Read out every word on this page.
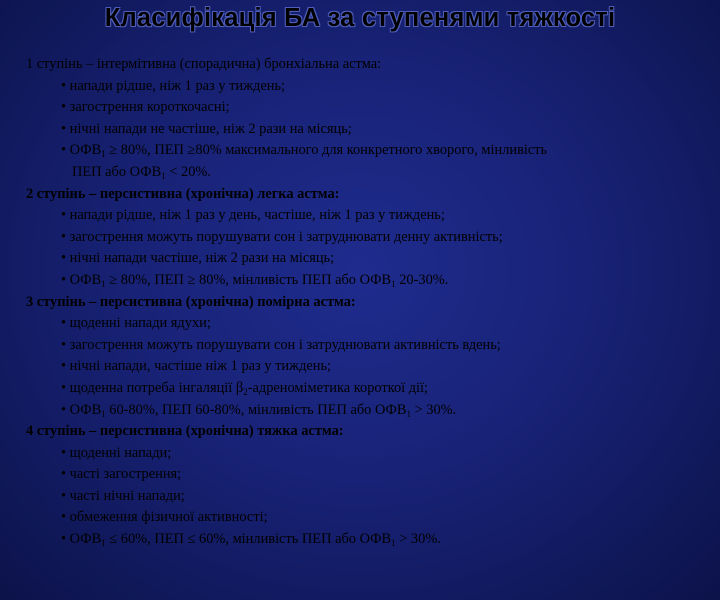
Класифікація БА за ступенями тяжкості
1 ступінь – інтермітивна (спорадична) бронхіальна астма:
• напади рідше, ніж 1 раз у тиждень;
• загострення короткочасні;
• нічні напади не частіше, ніж 2 рази на місяць;
• $ОФВ_1 \ge 80\%$, ПЕП ≥80% максимального для конкретного хворого, мінливість
ПЕП або $ОФВ_1 < 20\%$.
2 ступінь – персистивна (хронічна) легка астма:
• напади рідше, ніж 1 раз у день, частіше, ніж 1 раз у тиждень;
• загострення можуть порушувати сон і затруднювати денну активність;
• нічні напади частіше, ніж 2 рази на місяць;
• $ОФВ_1 \ge 80\%$, ПЕП ≥ 80%, мінливість ПЕП або $ОФВ_1$ 20-30%.
3 ступінь – персистивна (хронічна) помірна астма:
• щоденні напади ядухи;
• загострення можуть порушувати сон і затруднювати активність вдень;
• нічні напади, частіше ніж 1 раз у тиждень;
• щоденна потреба інгаляції $\beta_2$-адреноміметика короткої дії;
• $ОФВ_1$ 60-80%, ПЕП 60-80%, мінливість ПЕП або $ОФВ_1 > 30\%$.
4 ступінь – персистивна (хронічна) тяжка астма:
• щоденні напади;
• часті загострення;
• часті нічні напади;
• обмеження фізичної активності;
• $ОФВ_1 \le 60\%$, ПЕП ≤ 60%, мінливість ПЕП або $ОФВ_1 > 30\%$.
